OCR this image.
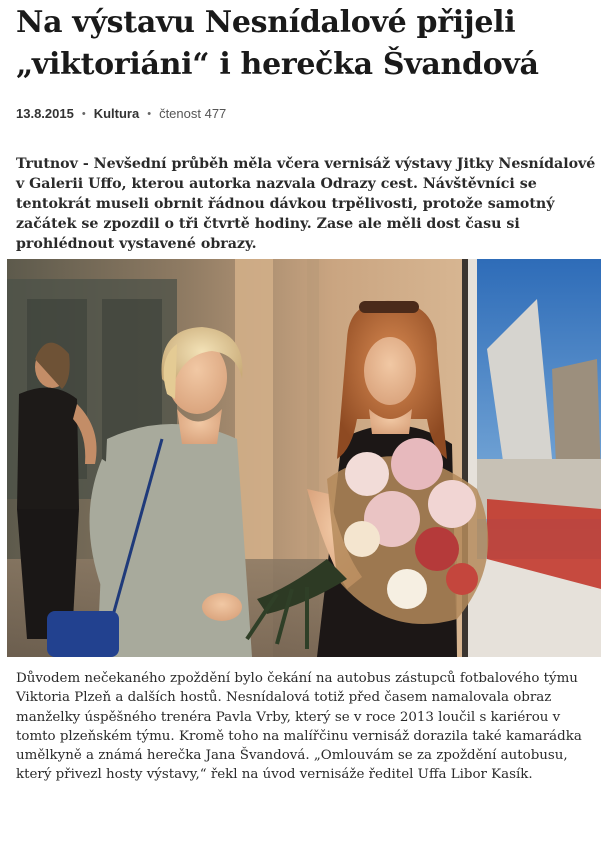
Na výstavu Nesnídalové přijeli „viktoriáni“ i herečka Švandová
13.8.2015 • Kultura • čtenost 477

Trutnov - Nevšední průběh měla včera vernisáž výstavy Jitky Nesnídalové v Galerii Uffo, kterou autorka nazvala Odrazy cest. Návštěvníci se tentokrát museli obrnit řádnou dávkou trpělivosti, protože samotný začátek se zpozdil o tři čtvrtě hodiny. Zase ale měli dost času si prohlédnout vystavené obrazy.

Důvodem nečekaného zpoždění bylo čekání na autobus zástupců fotbalového týmu Viktoria Plzeň a dalších hostů. Nesnídalová totiž před časem namalovala obraz manželky úspěšného trenéra Pavla Vrby, který se v roce 2013 loučil s kariérou v tomto plzeňském týmu. Kromě toho na malířčinu vernisáž dorazila také kamarádka umělkyně a známá herečka Jana Švandová. „Omlouvám se za zpoždění autobusu, který přivezl hosty výstavy,“ řekl na úvod vernisáže ředitel Uffa Libor Kasík.
